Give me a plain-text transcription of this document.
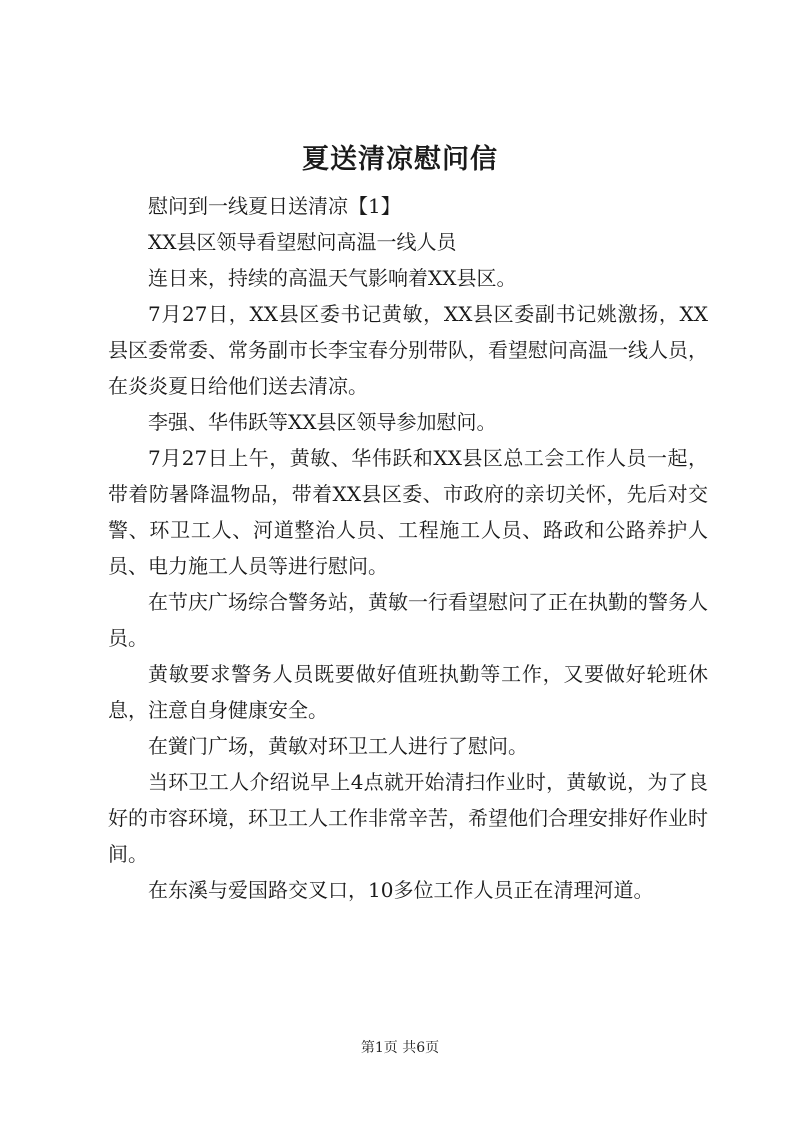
夏送清凉慰问信

慰问到一线夏日送清凉【1】

XX县区领导看望慰问高温一线人员

连日来，持续的高温天气影响着XX县区。

7月27日，XX县区委书记黄敏，XX县区委副书记姚激扬，XX县区委常委、常务副市长李宝春分别带队，看望慰问高温一线人员，在炎炎夏日给他们送去清凉。

李强、华伟跃等XX县区领导参加慰问。

7月27日上午，黄敏、华伟跃和XX县区总工会工作人员一起，带着防暑降温物品，带着XX县区委、市政府的亲切关怀，先后对交警、环卫工人、河道整治人员、工程施工人员、路政和公路养护人员、电力施工人员等进行慰问。

在节庆广场综合警务站，黄敏一行看望慰问了正在执勤的警务人员。

黄敏要求警务人员既要做好值班执勤等工作，又要做好轮班休息，注意自身健康安全。

在黉门广场，黄敏对环卫工人进行了慰问。

当环卫工人介绍说早上4点就开始清扫作业时，黄敏说，为了良好的市容环境，环卫工人工作非常辛苦，希望他们合理安排好作业时间。

在东溪与爱国路交叉口，10多位工作人员正在清理河道。

第1页 共6页
